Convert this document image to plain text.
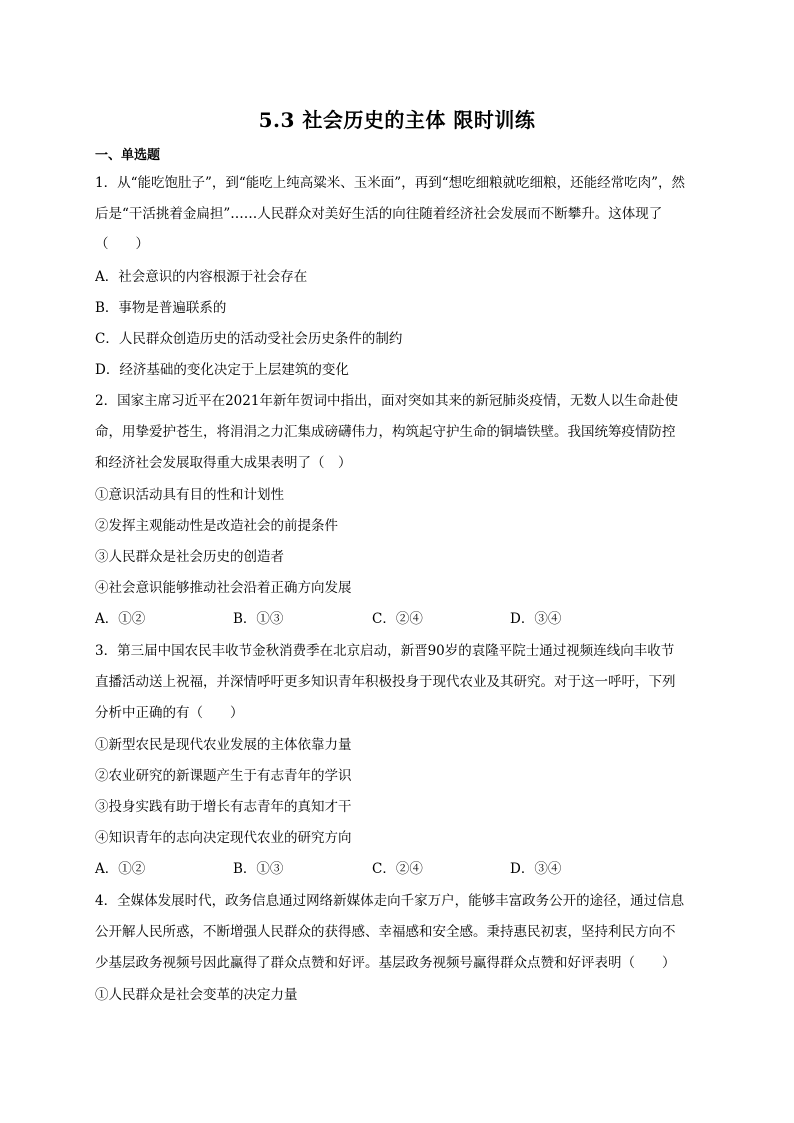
5.3 社会历史的主体 限时训练
一、单选题
1．从“能吃饱肚子”，到“能吃上纯高粱米、玉米面”，再到“想吃细粮就吃细粮，还能经常吃肉”，然
后是“干活挑着金扁担”……人民群众对美好生活的向往随着经济社会发展而不断攀升。这体现了
（　　）
A．社会意识的内容根源于社会存在
B．事物是普遍联系的
C．人民群众创造历史的活动受社会历史条件的制约
D．经济基础的变化决定于上层建筑的变化
2．国家主席习近平在2021年新年贺词中指出，面对突如其来的新冠肺炎疫情，无数人以生命赴使
命，用挚爱护苍生，将涓涓之力汇集成磅礴伟力，构筑起守护生命的铜墙铁壁。我国统筹疫情防控
和经济社会发展取得重大成果表明了（　）
①意识活动具有目的性和计划性
②发挥主观能动性是改造社会的前提条件
③人民群众是社会历史的创造者
④社会意识能够推动社会沿着正确方向发展
A．①②	B．①③	C．②④	D．③④
3．第三届中国农民丰收节金秋消费季在北京启动，新晋90岁的袁隆平院士通过视频连线向丰收节
直播活动送上祝福，并深情呼吁更多知识青年积极投身于现代农业及其研究。对于这一呼吁，下列
分析中正确的有（　　）
①新型农民是现代农业发展的主体依靠力量
②农业研究的新课题产生于有志青年的学识
③投身实践有助于增长有志青年的真知才干
④知识青年的志向决定现代农业的研究方向
A．①②	B．①③	C．②④	D．③④
4．全媒体发展时代，政务信息通过网络新媒体走向千家万户，能够丰富政务公开的途径，通过信息
公开解人民所惑，不断增强人民群众的获得感、幸福感和安全感。秉持惠民初衷，坚持利民方向不
少基层政务视频号因此赢得了群众点赞和好评。基层政务视频号赢得群众点赞和好评表明（　　）
①人民群众是社会变革的决定力量
